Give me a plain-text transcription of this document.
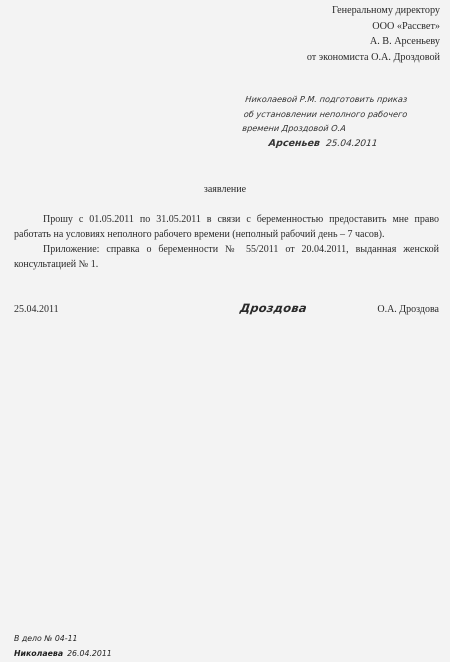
Генеральному директору
ООО «Рассвет»
А. В. Арсеньеву
от экономиста О.А. Дроздовой
Николаевой Р.М. подготовить приказ
об установлении неполного рабочего
времени Дроздовой О.А
Арсеньев 25.04.2011
заявление

Прошу с 01.05.2011 по 31.05.2011 в связи с беременностью предоставить мне право работать на условиях неполного рабочего времени (неполный рабочий день – 7 часов).

Приложение: справка о беременности № 55/2011 от 20.04.2011, выданная женской консультацией № 1.

25.04.2011	Дроздова	О.А. Дроздова
В дело № 04-11
Николаева 26.04.2011
